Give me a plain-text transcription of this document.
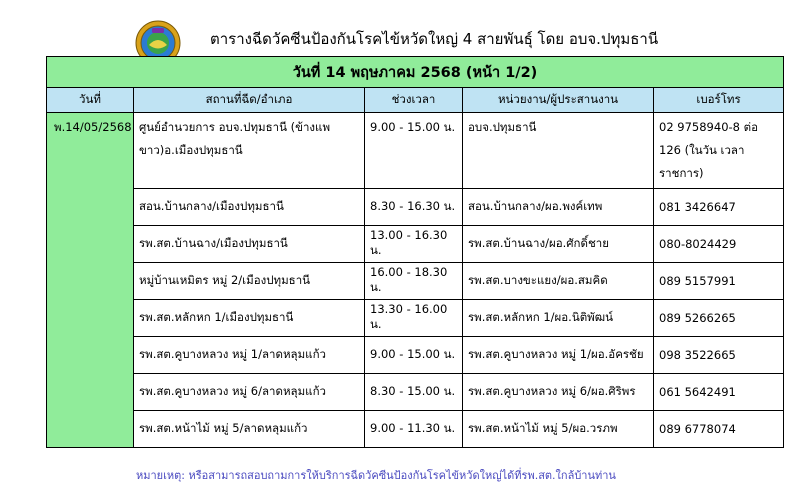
ตารางฉีดวัคซีนป้องกันโรคไข้หวัดใหญ่ 4 สายพันธุ์ โดย อบจ.ปทุมธานี
วันที่ 14 พฤษภาคม 2568 (หน้า 1/2)				
วันที่	สถานที่ฉีด/อำเภอ	ช่วงเวลา	หน่วยงาน/ผู้ประสานงาน	เบอร์โทร
พ.14/05/2568	ศูนย์อำนวยการ อบจ.ปทุมธานี (ข้างแพขาว)อ.เมืองปทุมธานี	9.00 - 15.00 น.	อบจ.ปทุมธานี	02 9758940-8 ต่อ 126 (ในวัน เวลาราชการ)
	สอน.บ้านกลาง/เมืองปทุมธานี	8.30 - 16.30 น.	สอน.บ้านกลาง/ผอ.พงค์เทพ	081 3426647
	รพ.สต.บ้านฉาง/เมืองปทุมธานี	13.00 - 16.30 น.	รพ.สต.บ้านฉาง/ผอ.ศักดิ์ชาย	080-8024429
	หมู่บ้านเหมิตร หมู่ 2/เมืองปทุมธานี	16.00 - 18.30 น.	รพ.สต.บางขะแยง/ผอ.สมคิด	089 5157991
	รพ.สต.หลักหก 1/เมืองปทุมธานี	13.30 - 16.00 น.	รพ.สต.หลักหก 1/ผอ.นิติพัฒน์	089 5266265
	รพ.สต.คูบางหลวง หมู่ 1/ลาดหลุมแก้ว	9.00 - 15.00 น.	รพ.สต.คูบางหลวง หมู่ 1/ผอ.อัครชัย	098 3522665
	รพ.สต.คูบางหลวง หมู่ 6/ลาดหลุมแก้ว	8.30 - 15.00 น.	รพ.สต.คูบางหลวง หมู่ 6/ผอ.ศิริพร	061 5642491
	รพ.สต.หน้าไม้ หมู่ 5/ลาดหลุมแก้ว	9.00 - 11.30 น.	รพ.สต.หน้าไม้ หมู่ 5/ผอ.วรภพ	089 6778074
หมายเหตุ: หรือสามารถสอบถามการให้บริการฉีดวัคซีนป้องกันโรคไข้หวัดใหญ่ได้ที่รพ.สต.ใกล้บ้านท่าน
